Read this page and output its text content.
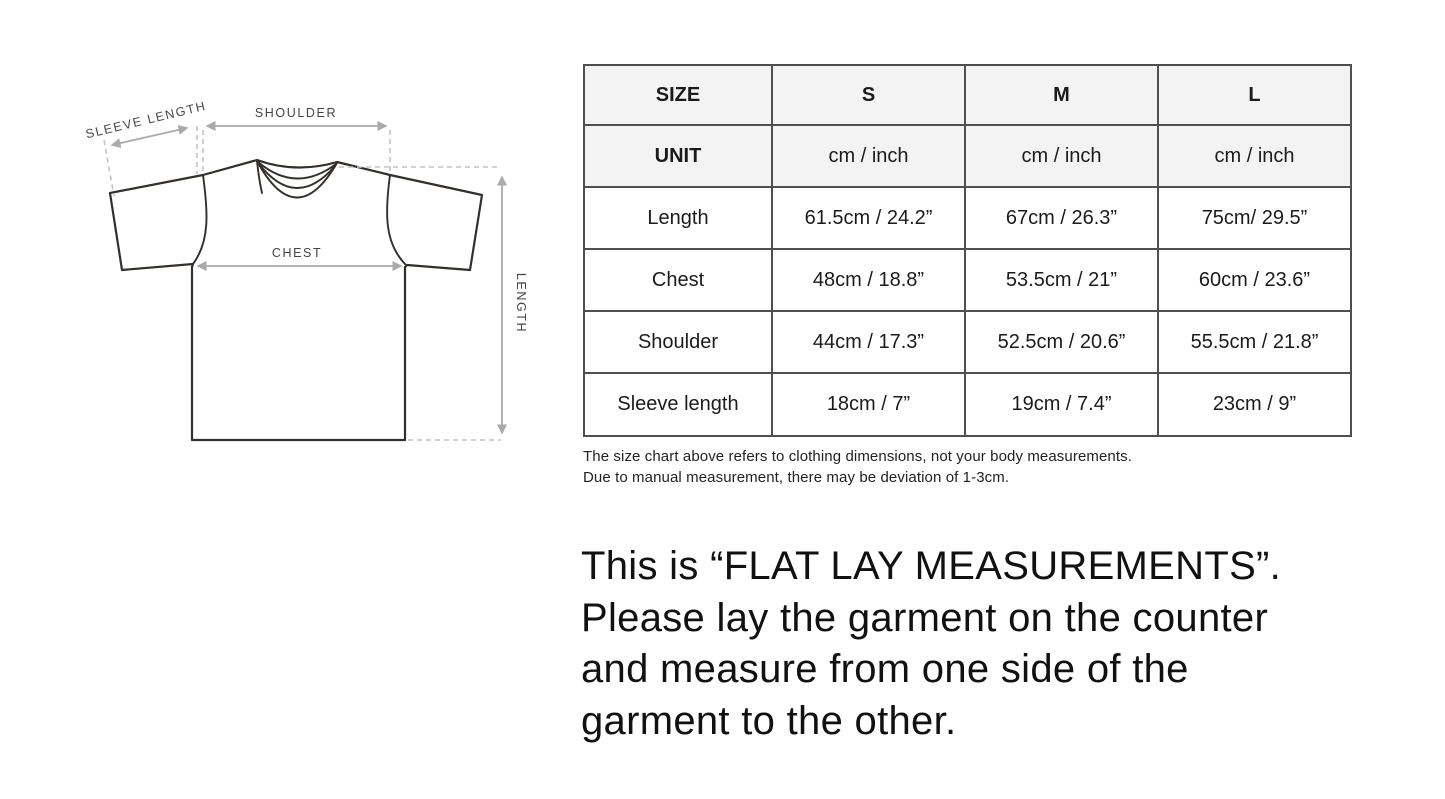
SLEEVE LENGTH	SHOULDER
CHEST
LENGTH
SIZE	S	M	L
UNIT	cm / inch	cm / inch	cm / inch
Length	61.5cm / 24.2”	67cm / 26.3”	75cm/ 29.5”
Chest	48cm / 18.8”	53.5cm / 21”	60cm / 23.6”
Shoulder	44cm / 17.3”	52.5cm / 20.6”	55.5cm / 21.8”
Sleeve length	18cm / 7”	19cm / 7.4”	23cm / 9”
The size chart above refers to clothing dimensions, not your body measurements.
Due to manual measurement, there may be deviation of 1-3cm.
This is “FLAT LAY MEASUREMENTS”.
Please lay the garment on the counter
and measure from one side of the
garment to the other.
